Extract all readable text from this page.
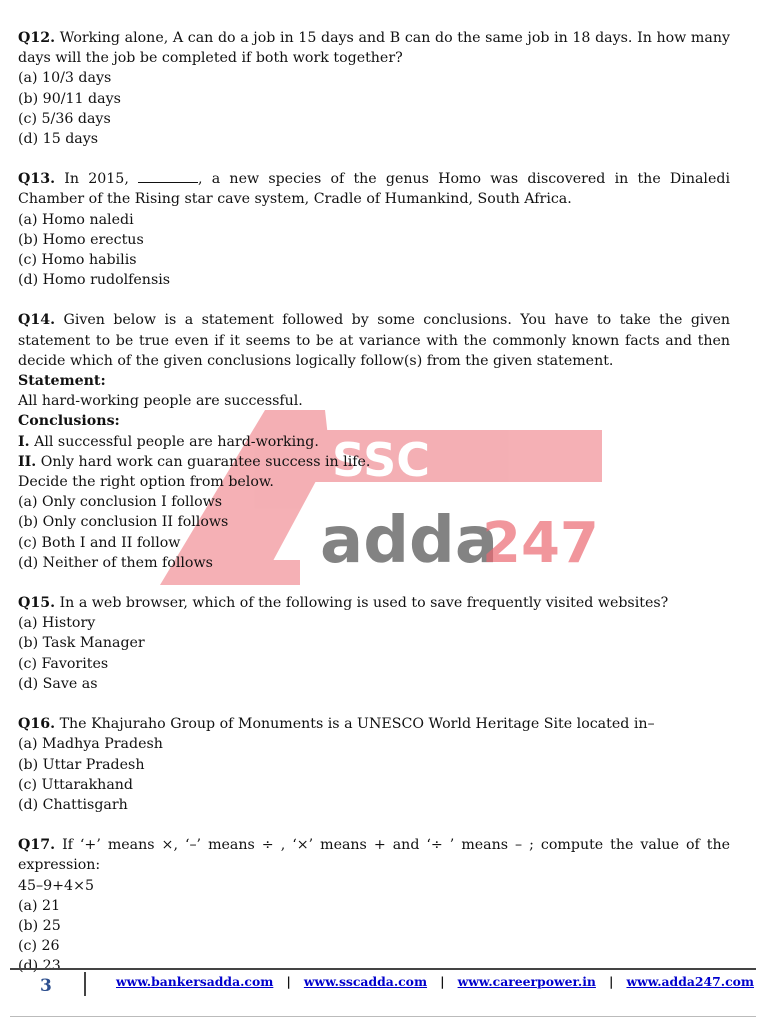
SSC
adda
247

Q12. Working alone, A can do a job in 15 days and B can do the same job in 18 days. In how many days will the job be completed if both work together?

(a) 10/3 days
(b) 90/11 days
(c) 5/36 days
(d) 15 days

Q13. In 2015,	, a new species of the genus Homo was discovered in the Dinaledi Chamber of the Rising star cave system, Cradle of Humankind, South Africa.

(a) Homo naledi
(b) Homo erectus
(c) Homo habilis
(d) Homo rudolfensis

Q14. Given below is a statement followed by some conclusions. You have to take the given statement to be true even if it seems to be at variance with the commonly known facts and then decide which of the given conclusions logically follow(s) from the given statement.

Statement:
All hard-working people are successful.
Conclusions:
I. All successful people are hard-working.
II. Only hard work can guarantee success in life.
Decide the right option from below.
(a) Only conclusion I follows
(b) Only conclusion II follows
(c) Both I and II follow
(d) Neither of them follows

Q15. In a web browser, which of the following is used to save frequently visited websites?

(a) History
(b) Task Manager
(c) Favorites
(d) Save as

Q16. The Khajuraho Group of Monuments is a UNESCO World Heritage Site located in–

(a) Madhya Pradesh
(b) Uttar Pradesh
(c) Uttarakhand
(d) Chattisgarh

Q17. If ‘+’ means ×, ‘–’ means ÷ , ‘×’ means + and ‘÷ ’ means – ; compute the value of the expression:

45–9+4×5
(a) 21
(b) 25
(c) 26
(d) 23
3	www.bankersadda.com | www.sscadda.com | www.careerpower.in | www.adda247.com
